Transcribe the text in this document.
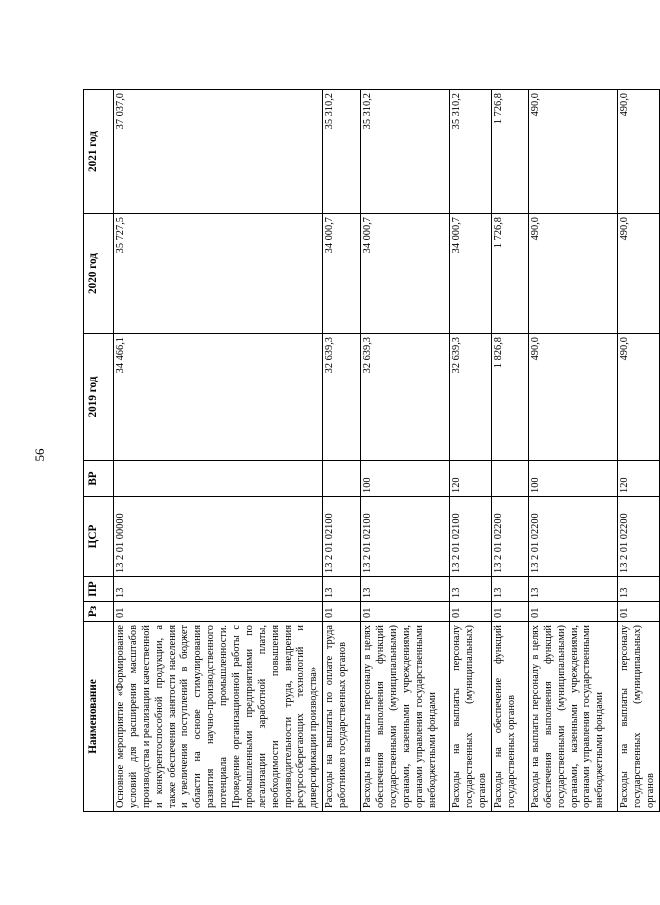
56
Наименование	Рз	ПР	ЦСР	ВР	2019 год	2020 год	2021 год
Основное мероприятие «Формирование условий для расширения масштабов производства и реализации качественной и конкурентоспособной продукции, а также обеспечения занятости населения и увеличения поступлений в бюджет области на основе стимулирования развития научно-производственного потенциала промышленности. Проведение организационной работы с промышленными предприятиями по легализации заработной платы, необходимости повышения производительности труда, внедрения ресурсосберегающих технологий и диверсификации производства»	01	13	13 2 01 00000		34 466,1	35 727,5	37 037,0
Расходы на выплаты по оплате труда работников государственных органов	01	13	13 2 01 02100		32 639,3	34 000,7	35 310,2
Расходы на выплаты персоналу в целях обеспечения выполнения функций государственными (муниципальными) органами, казенными учреждениями, органами управления государственными внебюджетными фондами	01	13	13 2 01 02100	100	32 639,3	34 000,7	35 310,2
Расходы на выплаты персоналу государственных (муниципальных) органов	01	13	13 2 01 02100	120	32 639,3	34 000,7	35 310,2
Расходы на обеспечение функций государственных органов	01	13	13 2 01 02200		1 826,8	1 726,8	1 726,8
Расходы на выплаты персоналу в целях обеспечения выполнения функций государственными (муниципальными) органами, казенными учреждениями, органами управления государственными внебюджетными фондами	01	13	13 2 01 02200	100	490,0	490,0	490,0
Расходы на выплаты персоналу государственных (муниципальных) органов	01	13	13 2 01 02200	120	490,0	490,0	490,0
